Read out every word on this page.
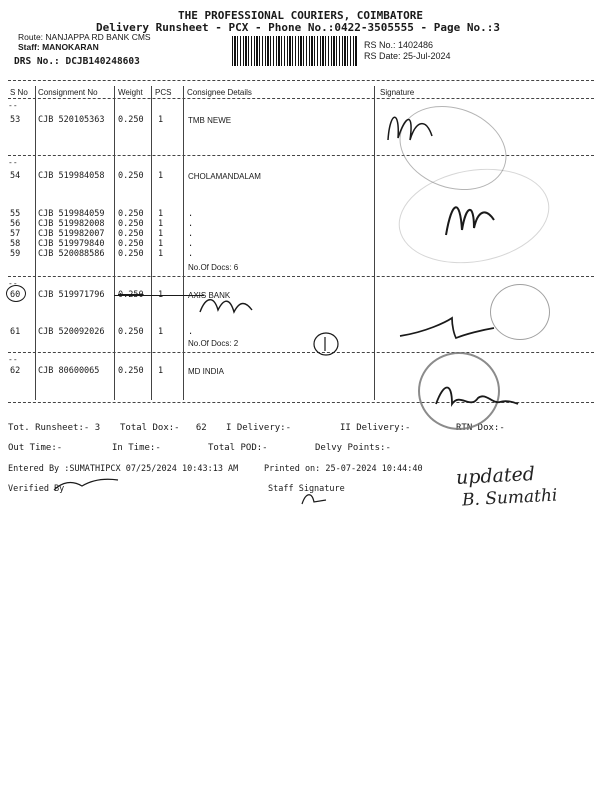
THE PROFESSIONAL COURIERS, COIMBATORE
Delivery Runsheet - PCX - Phone No.:0422-3505555 - Page No.:3
Route: NANJAPPA RD BANK CMS
Staff: MANOKARAN
DRS No.: DCJB140248603
RS No.: 1402486
RS Date: 25-Jul-2024
S No Consignment No	Weight PCS Consignee Details	Signature
--
53 CJB 520105363 0.250 1	TMB NEWE
--
54 CJB 519984058 0.250 1	CHOLAMANDALAM
55 CJB 519984059 0.250 1	.
56 CJB 519982008 0.250 1	.
57 CJB 519982007 0.250 1	.
58 CJB 519979840 0.250 1	.
59 CJB 520088586 0.250 1	.
No.Of Docs: 6
--
60 CJB 519971796 0.250 1	AXIS BANK
61 CJB 520092026 0.250 1	.
No.Of Docs: 2
--
62 CJB 80600065 0.250 1	MD INDIA
Tot. Runsheet:- 3 Total Dox:-   62 I Delivery:-	II Delivery:-	RTN Dox:-
Out Time:-	In Time:-	Total POD:-	Delvy Points:-
Entered By :SUMATHIPCX 07/25/2024 10:43:13 AM	Printed on: 25-07-2024 10:44:40
Verified By	Staff Signature	updated
B. Sumathi
